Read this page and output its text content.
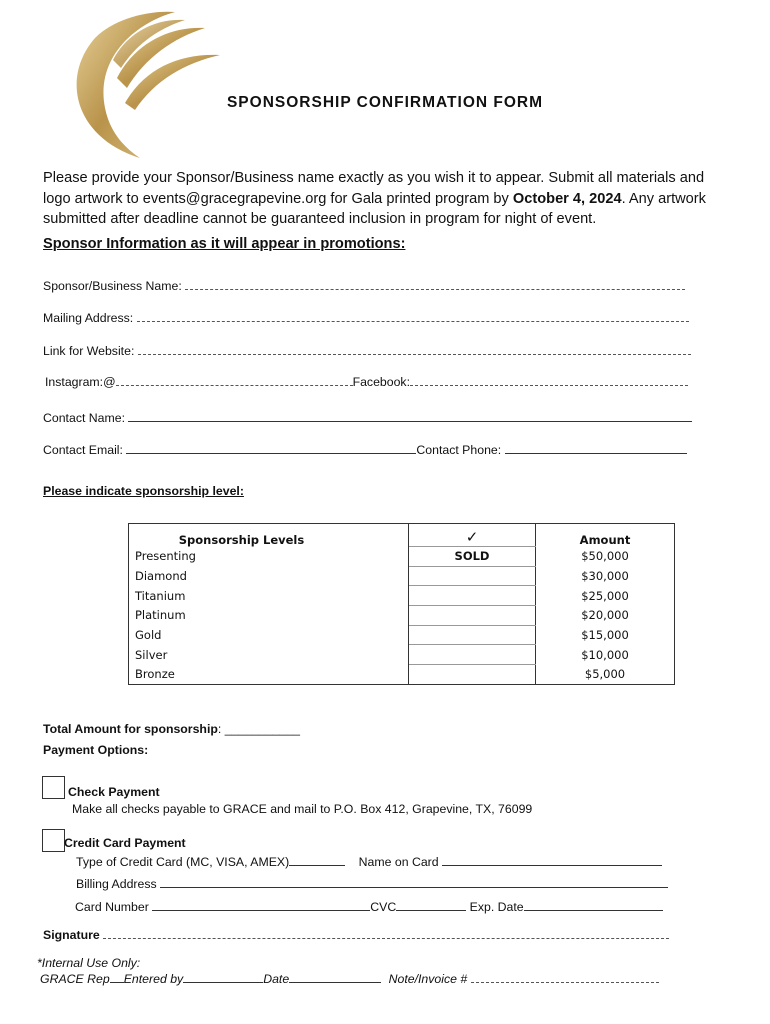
SPONSORSHIP CONFIRMATION FORM
Please provide your Sponsor/Business name exactly as you wish it to appear. Submit all materials and logo artwork to events@gracegrapevine.org for Gala printed program by October 4, 2024. Any artwork submitted after deadline cannot be guaranteed inclusion in program for night of event.
Sponsor Information as it will appear in promotions:
Sponsor/Business Name:
Mailing Address:
Link for Website:
Instagram:@	Facebook:
Contact Name:
Contact Email:	Contact Phone:
Please indicate sponsorship level:
Sponsorship Levels	✓	Amount
Presenting	SOLD	$50,000
Diamond		$30,000
Titanium		$25,000
Platinum		$20,000
Gold		$15,000
Silver		$10,000
Bronze		$5,000
Total Amount for sponsorship: ___________
Payment Options:
Check Payment
Make all checks payable to GRACE and mail to P.O. Box 412, Grapevine, TX, 76099
Credit Card Payment
Type of Credit Card (MC, VISA, AMEX)	Name on Card
Billing Address
Card Number	CVC	Exp. Date
Signature
*Internal Use Only:
GRACE Rep Entered by	Date	Note/Invoice #
